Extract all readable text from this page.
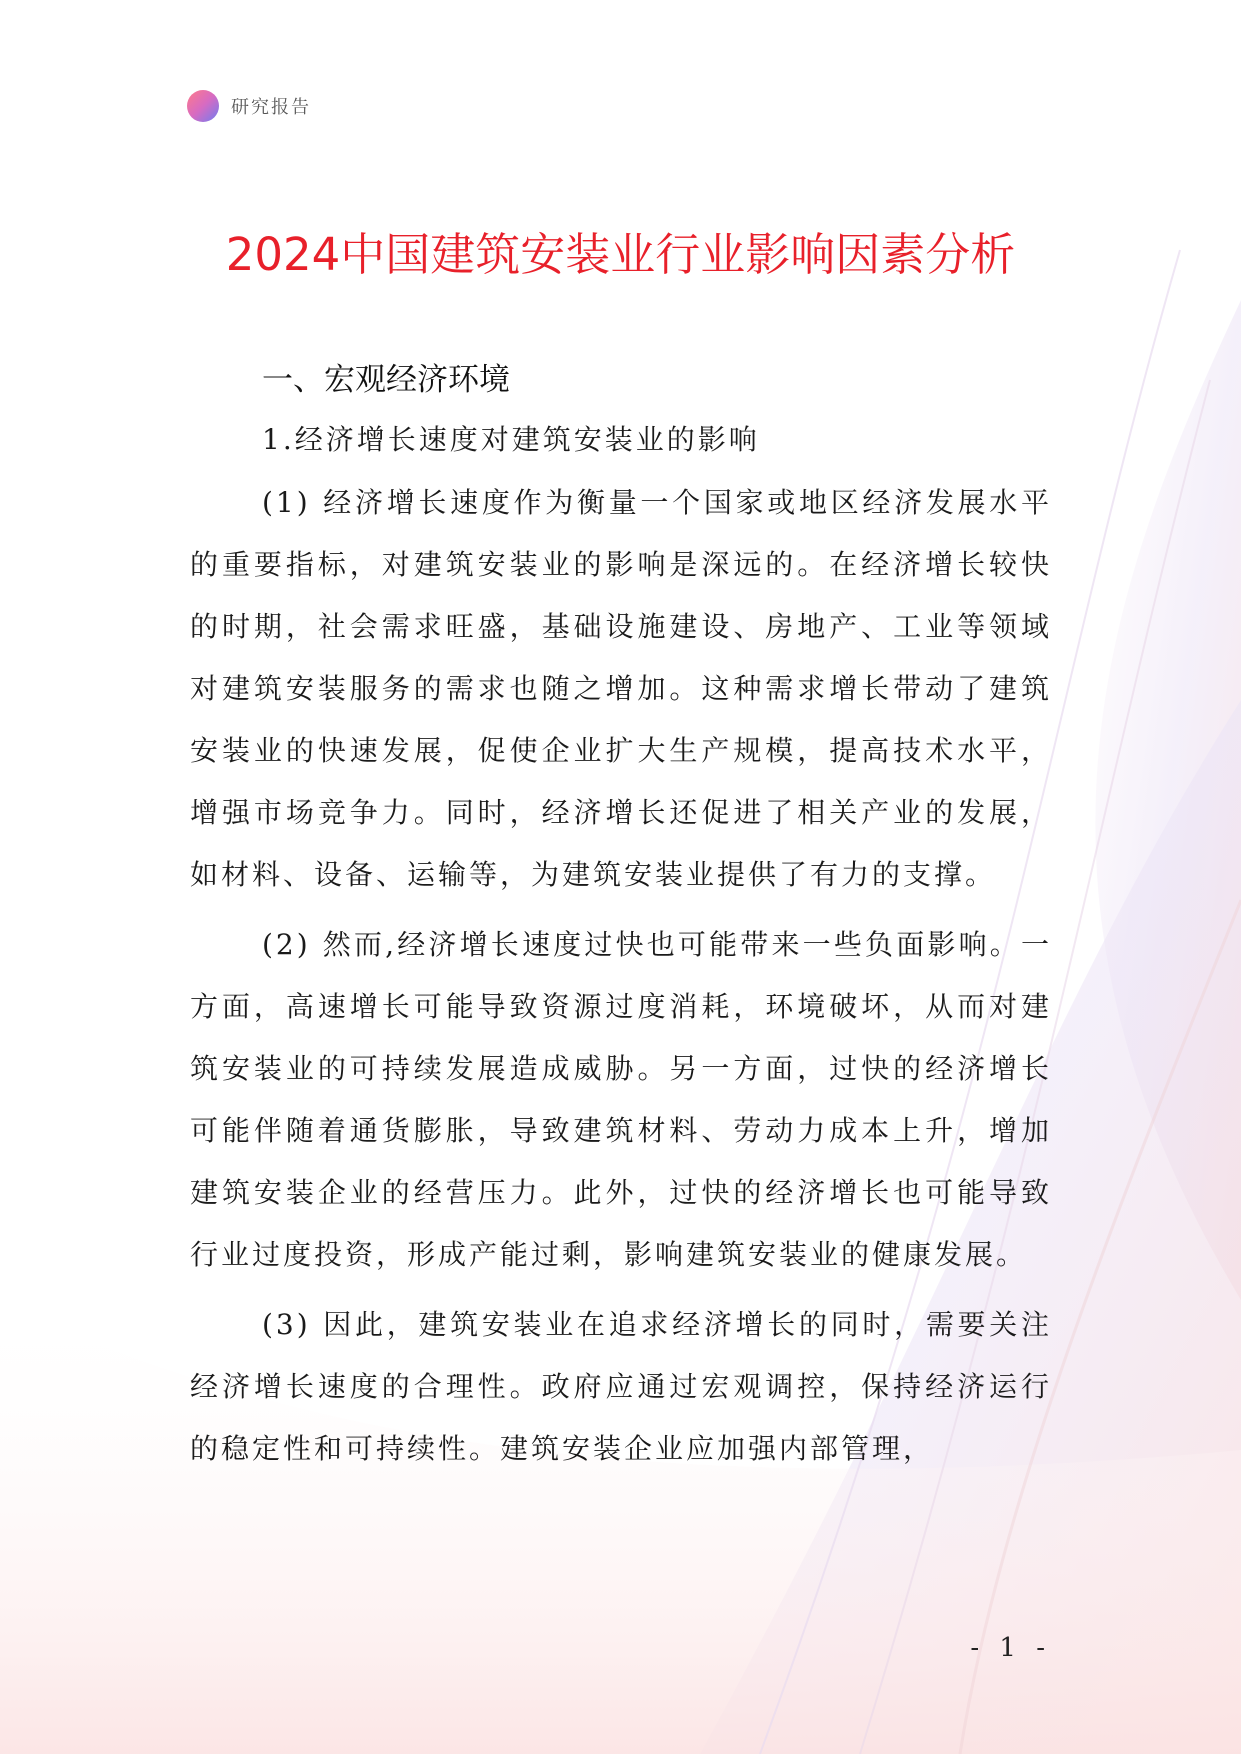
研究报告
2024中国建筑安装业行业影响因素分析
一、宏观经济环境
1.经济增长速度对建筑安装业的影响

(1) 经济增长速度作为衡量一个国家或地区经济发展水平的重要指标，对建筑安装业的影响是深远的。在经济增长较快的时期，社会需求旺盛，基础设施建设、房地产、工业等领域对建筑安装服务的需求也随之增加。这种需求增长带动了建筑安装业的快速发展，促使企业扩大生产规模，提高技术水平，增强市场竞争力。同时，经济增长还促进了相关产业的发展，如材料、设备、运输等，为建筑安装业提供了有力的支撑。

(2) 然而,经济增长速度过快也可能带来一些负面影响。一方面，高速增长可能导致资源过度消耗，环境破坏，从而对建筑安装业的可持续发展造成威胁。另一方面，过快的经济增长可能伴随着通货膨胀，导致建筑材料、劳动力成本上升，增加建筑安装企业的经营压力。此外，过快的经济增长也可能导致行业过度投资，形成产能过剩，影响建筑安装业的健康发展。

(3) 因此，建筑安装业在追求经济增长的同时，需要关注经济增长速度的合理性。政府应通过宏观调控，保持经济运行的稳定性和可持续性。建筑安装企业应加强内部管理，

- 1 -
